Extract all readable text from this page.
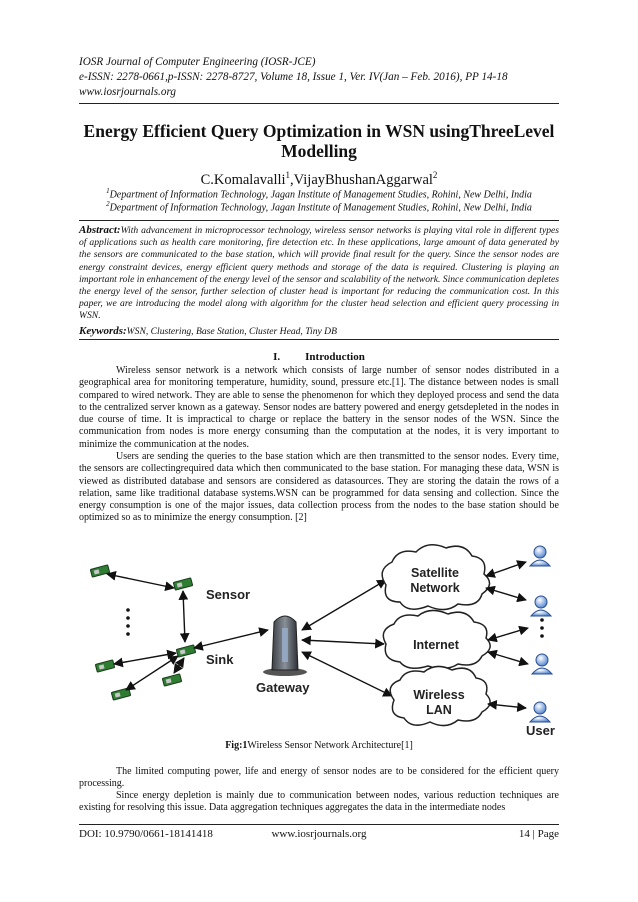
IOSR Journal of Computer Engineering (IOSR-JCE)
e-ISSN: 2278-0661,p-ISSN: 2278-8727, Volume 18, Issue 1, Ver. IV(Jan – Feb. 2016), PP 14-18
www.iosrjournals.org
Energy Efficient Query Optimization in WSN usingThreeLevel
Modelling
C.Komalavalli$^1$,VijayBhushanAggarwal$^2$
$^1$Department of Information Technology, Jagan Institute of Management Studies, Rohini, New Delhi, India
$^2$Department of Information Technology, Jagan Institute of Management Studies, Rohini, New Delhi, India
Abstract:With advancement in microprocessor technology, wireless sensor networks is playing vital role in different types of applications such as health care monitoring, fire detection etc. In these applications, large amount of data generated by the sensors are communicated to the base station, which will provide final result for the query. Since the sensor nodes are energy constraint devices, energy efficient query methods and storage of the data is required. Clustering is playing an important role in enhancement of the energy level of the sensor and scalability of the network. Since communication depletes the energy level of the sensor, further selection of cluster head is important for reducing the communication cost. In this paper, we are introducing the model along with algorithm for the cluster head selection and efficient query processing in WSN.
Keywords:WSN, Clustering, Base Station, Cluster Head, Tiny DB
I. Introduction

Wireless sensor network is a network which consists of large number of sensor nodes distributed in a geographical area for monitoring temperature, humidity, sound, pressure etc.[1]. The distance between nodes is small compared to wired network. They are able to sense the phenomenon for which they deployed process and send the data to the centralized server known as a gateway. Sensor nodes are battery powered and energy getsdepleted in the nodes in due course of time. It is impractical to charge or replace the battery in the sensor nodes of the WSN. Since the communication from nodes is more energy consuming than the computation at the nodes, it is very important to minimize the communication at the nodes.

Users are sending the queries to the base station which are then transmitted to the sensor nodes. Every time, the sensors are collectingrequired data which then communicated to the base station. For managing these data, WSN is viewed as distributed database and sensors are considered as datasources. They are storing the datain the rows of a relation, same like traditional database systems.WSN can be programmed for data sensing and collection. Since the energy consumption is one of the major issues, data collection process from the nodes to the base station should be optimized so as to minimize the energy consumption. [2]

Sensor
Sink
Gateway
Satellite
Network
Internet
Wireless
LAN
User
Fig:1Wireless Sensor Network Architecture[1]

The limited computing power, life and energy of sensor nodes are to be considered for the efficient query processing.

Since energy depletion is mainly due to communication between nodes, various reduction techniques are existing for resolving this issue. Data aggregation techniques aggregates the data in the intermediate nodes

DOI: 10.9790/0661-18141418	www.iosrjournals.org	14 | Page
